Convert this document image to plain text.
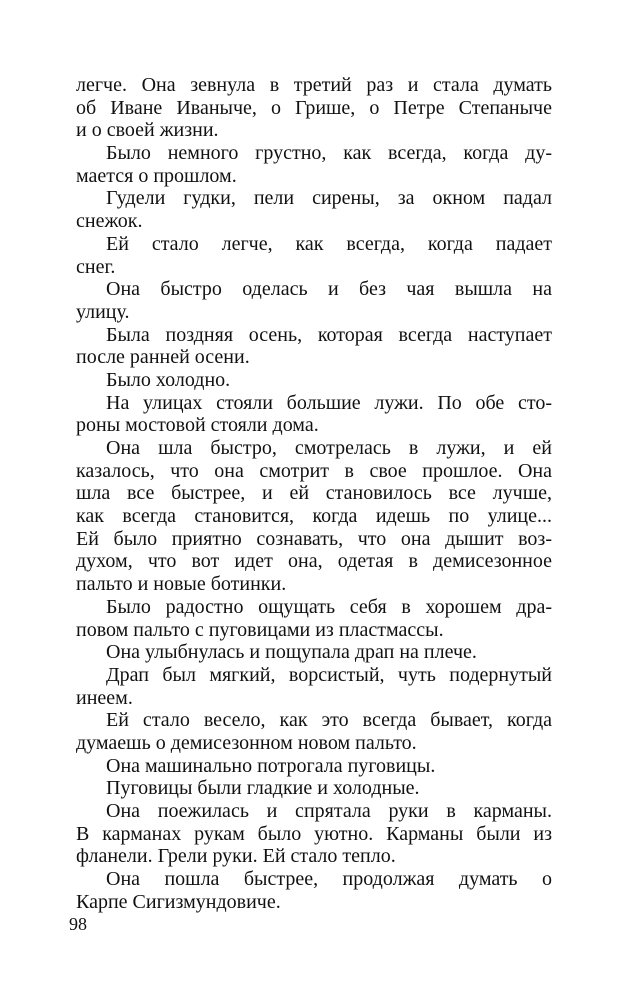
легче. Она зевнула в третий раз и стала думать
об Иване Иваныче, о Грише, о Петре Степаныче
и о своей жизни.
Было немного грустно, как всегда, когда ду-
мается о прошлом.
Гудели гудки, пели сирены, за окном падал
снежок.
Ей стало легче, как всегда, когда падает
снег.
Она быстро оделась и без чая вышла на
улицу.
Была поздняя осень, которая всегда наступает
после ранней осени.
Было холодно.
На улицах стояли большие лужи. По обе сто-
роны мостовой стояли дома.
Она шла быстро, смотрелась в лужи, и ей
казалось, что она смотрит в свое прошлое. Она
шла все быстрее, и ей становилось все лучше,
как всегда становится, когда идешь по улице...
Ей было приятно сознавать, что она дышит воз-
духом, что вот идет она, одетая в демисезонное
пальто и новые ботинки.
Было радостно ощущать себя в хорошем дра-
повом пальто с пуговицами из пластмассы.
Она улыбнулась и пощупала драп на плече.
Драп был мягкий, ворсистый, чуть подернутый
инеем.
Ей стало весело, как это всегда бывает, когда
думаешь о демисезонном новом пальто.
Она машинально потрогала пуговицы.
Пуговицы были гладкие и холодные.
Она поежилась и спрятала руки в карманы.
В карманах рукам было уютно. Карманы были из
фланели. Грели руки. Ей стало тепло.
Она пошла быстрее, продолжая думать о
Карпе Сигизмундовиче.
98
